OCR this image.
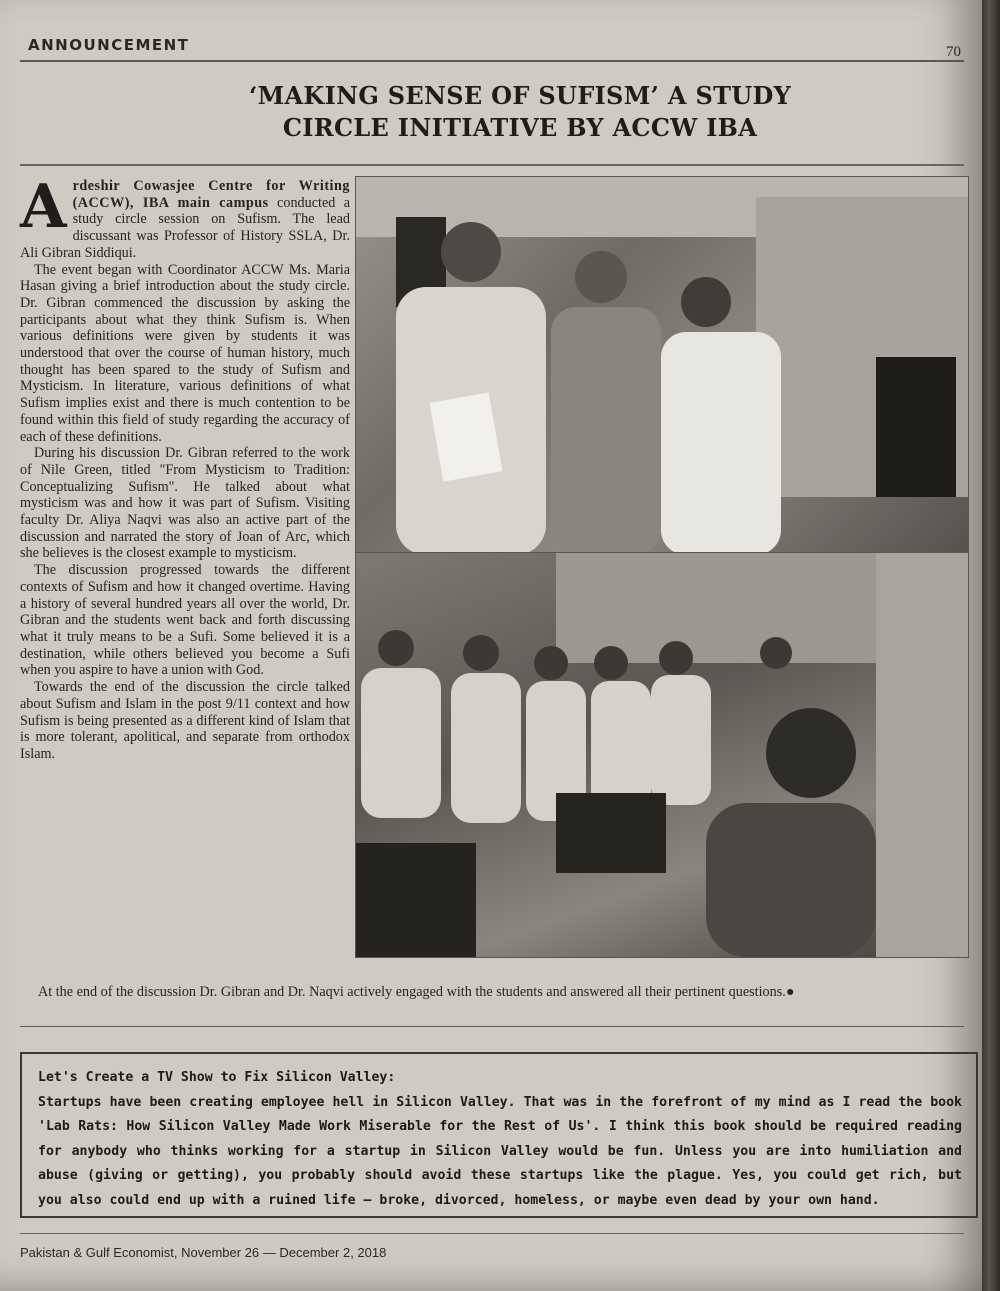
ANNOUNCEMENT	70
‘MAKING SENSE OF SUFISM’ A STUDY
CIRCLE INITIATIVE BY ACCW IBA

Ardeshir Cowasjee Centre for Writing (ACCW), IBA main campus conducted a study circle session on Sufism. The lead discussant was Professor of History SSLA, Dr. Ali Gibran Siddiqui.

The event began with Coordinator ACCW Ms. Maria Hasan giving a brief introduction about the study circle. Dr. Gibran commenced the discussion by asking the participants about what they think Sufism is. When various definitions were given by students it was understood that over the course of human history, much thought has been spared to the study of Sufism and Mysticism. In literature, various definitions of what Sufism implies exist and there is much contention to be found within this field of study regarding the accuracy of each of these definitions.

During his discussion Dr. Gibran referred to the work of Nile Green, titled "From Mysticism to Tradition: Conceptualizing Sufism". He talked about what mysticism was and how it was part of Sufism. Visiting faculty Dr. Aliya Naqvi was also an active part of the discussion and narrated the story of Joan of Arc, which she believes is the closest example to mysticism.

The discussion progressed towards the different contexts of Sufism and how it changed overtime. Having a history of several hundred years all over the world, Dr. Gibran and the students went back and forth discussing what it truly means to be a Sufi. Some believed it is a destination, while others believed you become a Sufi when you aspire to have a union with God.

Towards the end of the discussion the circle talked about Sufism and Islam in the post 9/11 context and how Sufism is being presented as a different kind of Islam that is more tolerant, apolitical, and separate from orthodox Islam.

At the end of the discussion Dr. Gibran and Dr. Naqvi actively engaged with the students and answered all their pertinent questions.●

Let's Create a TV Show to Fix Silicon Valley:
Startups have been creating employee hell in Silicon Valley. That was in the forefront of my mind as I read the book 'Lab Rats: How Silicon Valley Made Work Miserable for the Rest of Us'. I think this book should be required reading for anybody who thinks working for a startup in Silicon Valley would be fun. Unless you are into humiliation and abuse (giving or getting), you probably should avoid these startups like the plague. Yes, you could get rich, but you also could end up with a ruined life — broke, divorced, homeless, or maybe even dead by your own hand.
Pakistan & Gulf Economist, November 26 — December 2, 2018
